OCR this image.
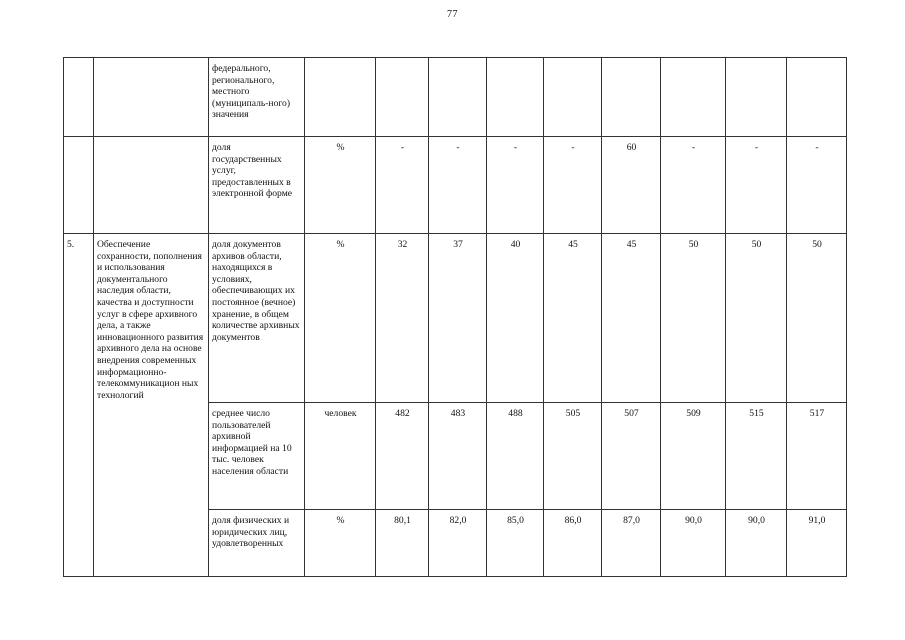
77
		федерального, регионального, местного (муниципаль-ного) значения									
		доля государственных услуг, предоставленных в электронной форме	%	-	-	-	-	60	-	-	-
5.	Обеспечение сохранности, пополнения и использования документального наследия области, качества и доступности услуг в сфере архивного дела, а также инновационного развития архивного дела на основе внедрения современных информационно-телекоммуникацион ных технологий	доля документов архивов области, находящихся в условиях, обеспечивающих их постоянное (вечное) хранение, в общем количестве архивных документов	%	32	37	40	45	45	50	50	50
		среднее число пользователей архивной информацией на 10 тыс. человек населения области	человек	482	483	488	505	507	509	515	517
		доля физических и юридических лиц, удовлетворенных	%	80,1	82,0	85,0	86,0	87,0	90,0	90,0	91,0
